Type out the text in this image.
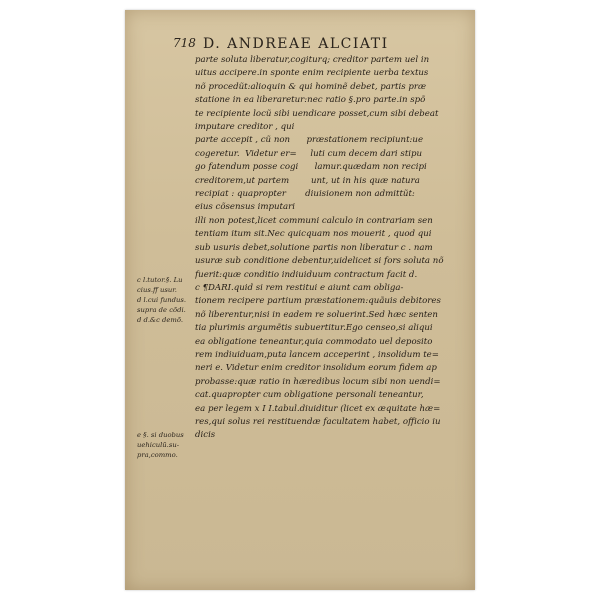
718 D. ANDREAE ALCIATI
parte soluta liberatur,cogiturq; creditor partem uel in
uitus accipere.in sponte enim recipiente uerba textus
nõ procedũt:alioquin & qui hominẽ debet, partis præ
statione in ea liberaretur:nec ratio §.pro parte.in spõ
te recipiente locũ sibi uendicare posset,cum sibi debeat
imputare creditor , qui
parte accepit , cũ non      præstationem recipiunt:ue
cogeretur.  Videtur er=     luti cum decem dari stipu
go fatendum posse cogi      lamur.quædam non recipi
creditorem,ut partem        unt, ut in his quæ natura
recipiat : quapropter       diuisionem non admittũt:
eius cõsensus imputari
illi non potest,licet communi calculo in contrariam sen
tentiam itum sit.Nec quicquam nos mouerit , quod qui
sub usuris debet,solutione partis non liberatur c . nam
usuræ sub conditione debentur,uidelicet si fors soluta nõ
fuerit:quæ conditio indiuiduum contractum facit d.
c ¶DARI.quid si rem restitui e aiunt cam obliga-
tionem recipere partium præstationem:quãuis debitores
nõ liberentur,nisi in eadem re soluerint.Sed hæc senten
tia plurimis argumẽtis subuertitur.Ego censeo,si aliqui
ea obligatione teneantur,quia commodato uel deposito
rem indiuiduam,puta lancem acceperint , insolidum te=
neri e. Videtur enim creditor insolidum eorum fidem ap
probasse:quæ ratio in hæredibus locum sibi non uendi=
cat.quapropter cum obligatione personali teneantur,
ea per legem x I I.tabul.diuiditur (licet ex æquitate hæ=
res,qui solus rei restituendæ facultatem habet, officio iu
dicis
c l.tutor.§. Lu
cius.ff usur.
d l.cui fundus.
supra de cõdi.
d d.&c demõ.
e §. si duobus
uehiculũ.su-
pra,commo.
